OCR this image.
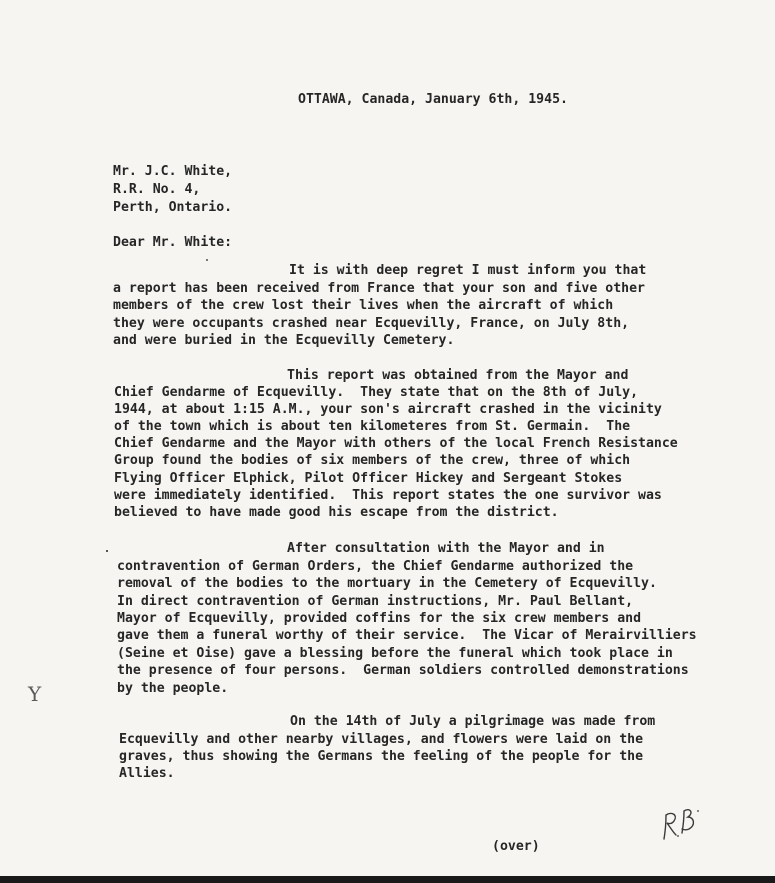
OTTAWA, Canada, January 6th, 1945.
Mr. J.C. White,
R.R. No. 4,
Perth, Ontario.
Dear Mr. White:
It is with deep regret I must inform you that
a report has been received from France that your son and five other
members of the crew lost their lives when the aircraft of which
they were occupants crashed near Ecquevilly, France, on July 8th,
and were buried in the Ecquevilly Cemetery.
This report was obtained from the Mayor and
Chief Gendarme of Ecquevilly.  They state that on the 8th of July,
1944, at about 1:15 A.M., your son's aircraft crashed in the vicinity
of the town which is about ten kilometeres from St. Germain.  The
Chief Gendarme and the Mayor with others of the local French Resistance
Group found the bodies of six members of the crew, three of which
Flying Officer Elphick, Pilot Officer Hickey and Sergeant Stokes
were immediately identified.  This report states the one survivor was
believed to have made good his escape from the district.
After consultation with the Mayor and in
contravention of German Orders, the Chief Gendarme authorized the
removal of the bodies to the mortuary in the Cemetery of Ecquevilly.
In direct contravention of German instructions, Mr. Paul Bellant,
Mayor of Ecquevilly, provided coffins for the six crew members and
gave them a funeral worthy of their service.  The Vicar of Merairvilliers
(Seine et Oise) gave a blessing before the funeral which took place in
the presence of four persons.  German soldiers controlled demonstrations
by the people.
On the 14th of July a pilgrimage was made from
Ecquevilly and other nearby villages, and flowers were laid on the
graves, thus showing the Germans the feeling of the people for the
Allies.
(over)
Y
